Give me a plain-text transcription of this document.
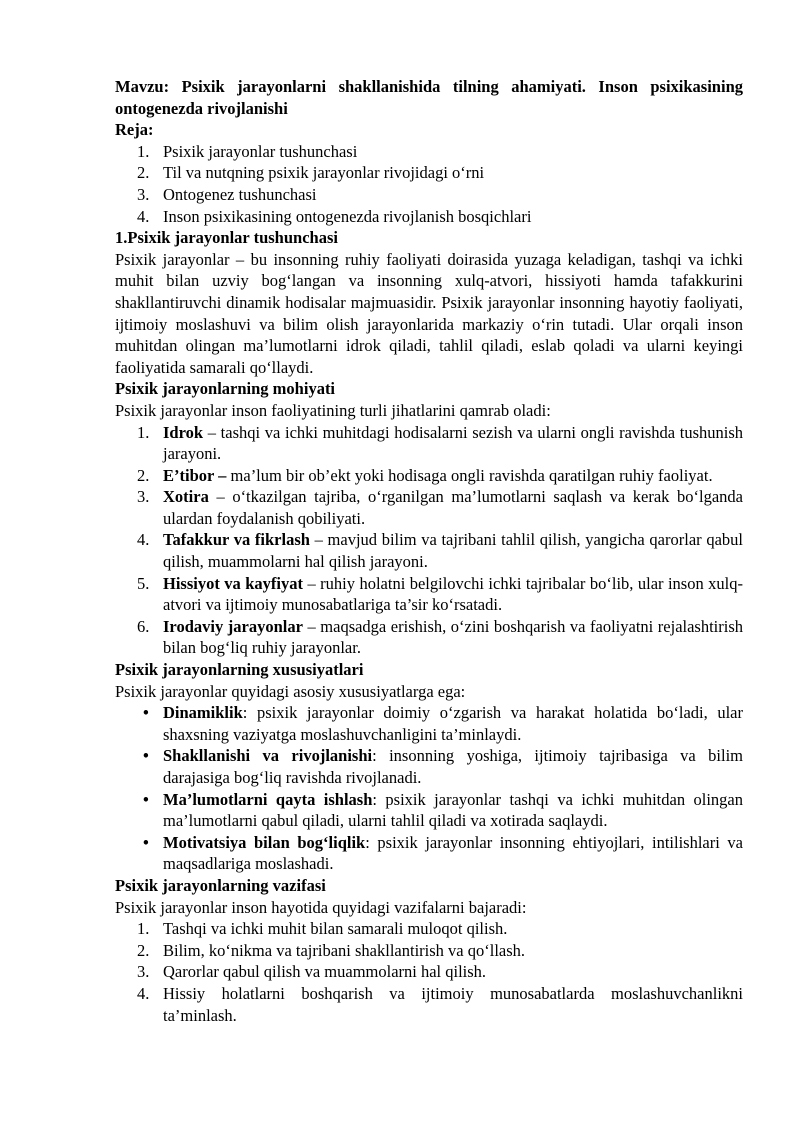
Mavzu: Psixik jarayonlarni shakllanishida tilning ahamiyati. Inson psixikasining ontogenezda rivojlanishi

Reja:

1. Psixik jarayonlar tushunchasi
2. Til va nutqning psixik jarayonlar rivojidagi o‘rni
3. Ontogenez tushunchasi
4. Inson psixikasining ontogenezda rivojlanish bosqichlari

1.Psixik jarayonlar tushunchasi

Psixik jarayonlar – bu insonning ruhiy faoliyati doirasida yuzaga keladigan, tashqi va ichki muhit bilan uzviy bog‘langan va insonning xulq-atvori, hissiyoti hamda tafakkurini shakllantiruvchi dinamik hodisalar majmuasidir. Psixik jarayonlar insonning hayotiy faoliyati, ijtimoiy moslashuvi va bilim olish jarayonlarida markaziy o‘rin tutadi. Ular orqali inson muhitdan olingan ma’lumotlarni idrok qiladi, tahlil qiladi, eslab qoladi va ularni keyingi faoliyatida samarali qo‘llaydi.

Psixik jarayonlarning mohiyati

Psixik jarayonlar inson faoliyatining turli jihatlarini qamrab oladi:

1. Idrok – tashqi va ichki muhitdagi hodisalarni sezish va ularni ongli ravishda tushunish jarayoni.
2. E’tibor – ma’lum bir ob’ekt yoki hodisaga ongli ravishda qaratilgan ruhiy faoliyat.
3. Xotira – o‘tkazilgan tajriba, o‘rganilgan ma’lumotlarni saqlash va kerak bo‘lganda ulardan foydalanish qobiliyati.
4. Tafakkur va fikrlash – mavjud bilim va tajribani tahlil qilish, yangicha qarorlar qabul qilish, muammolarni hal qilish jarayoni.
5. Hissiyot va kayfiyat – ruhiy holatni belgilovchi ichki tajribalar bo‘lib, ular inson xulq-atvori va ijtimoiy munosabatlariga ta’sir ko‘rsatadi.
6. Irodaviy jarayonlar – maqsadga erishish, o‘zini boshqarish va faoliyatni rejalashtirish bilan bog‘liq ruhiy jarayonlar.

Psixik jarayonlarning xususiyatlari

Psixik jarayonlar quyidagi asosiy xususiyatlarga ega:

• Dinamiklik: psixik jarayonlar doimiy o‘zgarish va harakat holatida bo‘ladi, ular shaxsning vaziyatga moslashuvchanligini ta’minlaydi.
• Shakllanishi va rivojlanishi: insonning yoshiga, ijtimoiy tajribasiga va bilim darajasiga bog‘liq ravishda rivojlanadi.
• Ma’lumotlarni qayta ishlash: psixik jarayonlar tashqi va ichki muhitdan olingan ma’lumotlarni qabul qiladi, ularni tahlil qiladi va xotirada saqlaydi.
• Motivatsiya bilan bog‘liqlik: psixik jarayonlar insonning ehtiyojlari, intilishlari va maqsadlariga moslashadi.

Psixik jarayonlarning vazifasi

Psixik jarayonlar inson hayotida quyidagi vazifalarni bajaradi:

1. Tashqi va ichki muhit bilan samarali muloqot qilish.
2. Bilim, ko‘nikma va tajribani shakllantirish va qo‘llash.
3. Qarorlar qabul qilish va muammolarni hal qilish.
4. Hissiy holatlarni boshqarish va ijtimoiy munosabatlarda moslashuvchanlikni ta’minlash.
